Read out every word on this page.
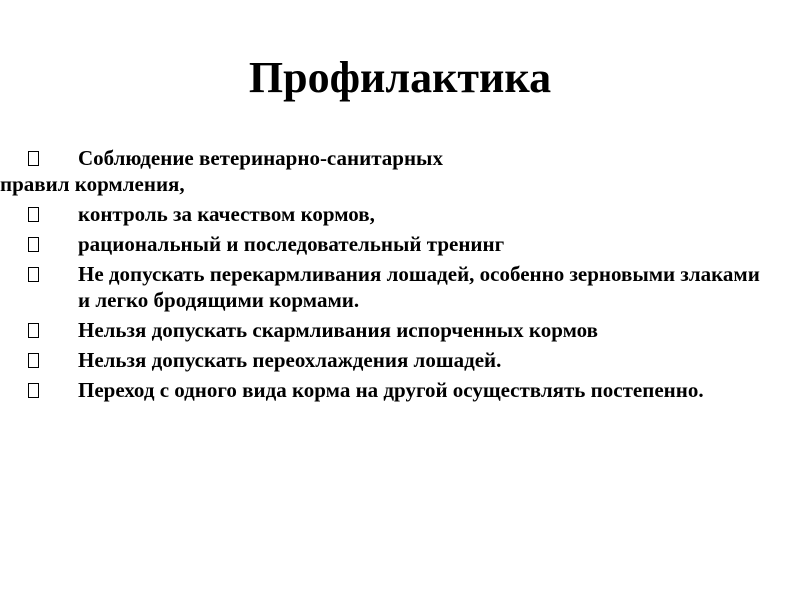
Профилактика
Соблюдение ветеринарно-санитарных
правил кормления,
контроль за качеством кормов,
рациональный и последовательный тренинг
Не допускать перекармливания лошадей, особенно зерновыми злаками и легко бродящими кормами.
Нельзя допускать скармливания испорченных кормов
Нельзя допускать переохлаждения лошадей.
Переход с одного вида корма на другой осуществлять постепенно.
